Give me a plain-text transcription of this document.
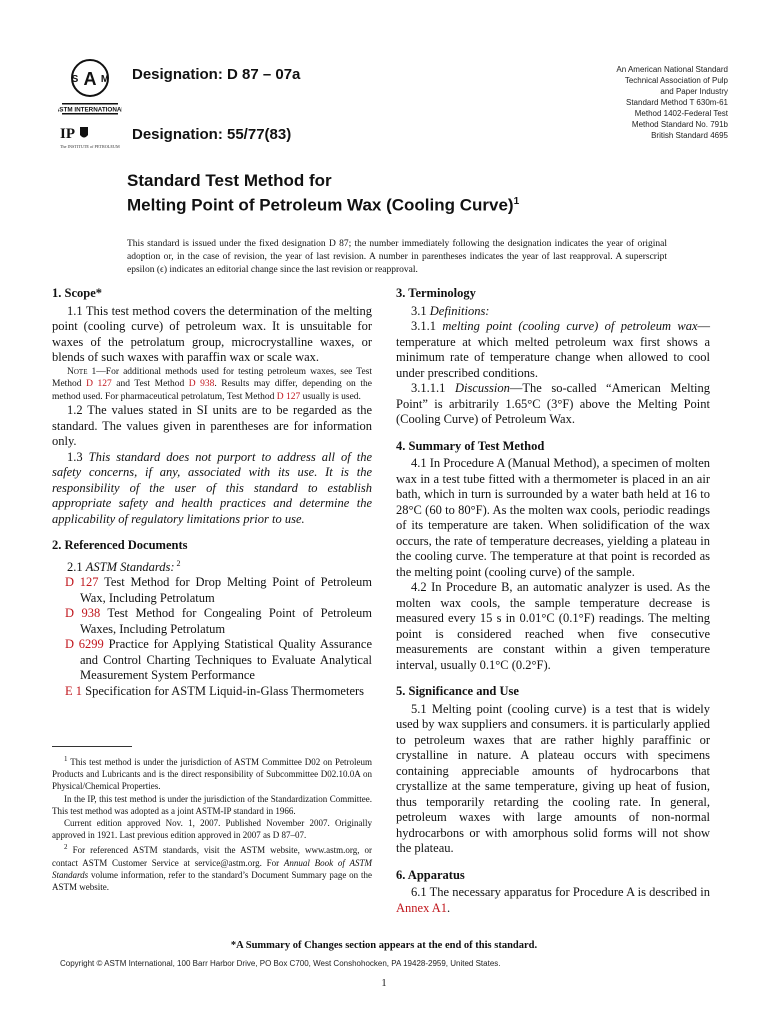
A
S M
ASTM INTERNATIONAL
IP
The INSTITUTE of PETROLEUM
Designation: D 87 – 07a
Designation: 55/77(83)
An American National Standard
Technical Association of Pulp
and Paper Industry
Standard Method T 630m-61
Method 1402-Federal Test
Method Standard No. 791b
British Standard 4695
Standard Test Method for
Melting Point of Petroleum Wax (Cooling Curve)$^1$
This standard is issued under the fixed designation D 87; the number immediately following the designation indicates the year of original adoption or, in the case of revision, the year of last revision. A number in parentheses indicates the year of last reapproval. A superscript epsilon (ϵ) indicates an editorial change since the last revision or reapproval.
1. Scope*

1.1 This test method covers the determination of the melting point (cooling curve) of petroleum wax. It is unsuitable for waxes of the petrolatum group, microcrystalline waxes, or blends of such waxes with paraffin wax or scale wax.

Note 1—For additional methods used for testing petroleum waxes, see Test Method D 127 and Test Method D 938. Results may differ, depending on the method used. For pharmaceutical petrolatum, Test Method D 127 usually is used.

1.2 The values stated in SI units are to be regarded as the standard. The values given in parentheses are for information only.

1.3 This standard does not purport to address all of the safety concerns, if any, associated with its use. It is the responsibility of the user of this standard to establish appropriate safety and health practices and determine the applicability of regulatory limitations prior to use.

2. Referenced Documents

2.1 ASTM Standards: $^2$

D 127 Test Method for Drop Melting Point of Petroleum Wax, Including Petrolatum

D 938 Test Method for Congealing Point of Petroleum Waxes, Including Petrolatum

D 6299 Practice for Applying Statistical Quality Assurance and Control Charting Techniques to Evaluate Analytical Measurement System Performance

E 1 Specification for ASTM Liquid-in-Glass Thermometers

3. Terminology

3.1 Definitions:

3.1.1 melting point (cooling curve) of petroleum wax—temperature at which melted petroleum wax first shows a minimum rate of temperature change when allowed to cool under prescribed conditions.

3.1.1.1 Discussion—The so-called “American Melting Point” is arbitrarily 1.65°C (3°F) above the Melting Point (Cooling Curve) of Petroleum Wax.

4. Summary of Test Method

4.1 In Procedure A (Manual Method), a specimen of molten wax in a test tube fitted with a thermometer is placed in an air bath, which in turn is surrounded by a water bath held at 16 to 28°C (60 to 80°F). As the molten wax cools, periodic readings of its temperature are taken. When solidification of the wax occurs, the rate of temperature decreases, yielding a plateau in the cooling curve. The temperature at that point is recorded as the melting point (cooling curve) of the sample.

4.2 In Procedure B, an automatic analyzer is used. As the molten wax cools, the sample temperature decrease is measured every 15 s in 0.01°C (0.1°F) readings. The melting point is considered reached when five consecutive measurements are constant within a given temperature interval, usually 0.1°C (0.2°F).

5. Significance and Use

5.1 Melting point (cooling curve) is a test that is widely used by wax suppliers and consumers. it is particularly applied to petroleum waxes that are rather highly paraffinic or crystalline in nature. A plateau occurs with specimens containing appreciable amounts of hydrocarbons that crystallize at the same temperature, giving up heat of fusion, thus temporarily retarding the cooling rate. In general, petroleum waxes with large amounts of non-normal hydrocarbons or with amorphous solid forms will not show the plateau.

6. Apparatus

6.1 The necessary apparatus for Procedure A is described in Annex A1.

$^1$ This test method is under the jurisdiction of ASTM Committee D02 on Petroleum Products and Lubricants and is the direct responsibility of Subcommittee D02.10.0A on Physical/Chemical Properties.

In the IP, this test method is under the jurisdiction of the Standardization Committee. This test method was adopted as a joint ASTM-IP standard in 1966.

Current edition approved Nov. 1, 2007. Published November 2007. Originally approved in 1921. Last previous edition approved in 2007 as D 87–07.

$^2$ For referenced ASTM standards, visit the ASTM website, www.astm.org, or contact ASTM Customer Service at service@astm.org. For Annual Book of ASTM Standards volume information, refer to the standard’s Document Summary page on the ASTM website.

*A Summary of Changes section appears at the end of this standard.
Copyright © ASTM International, 100 Barr Harbor Drive, PO Box C700, West Conshohocken, PA 19428-2959, United States.
1
